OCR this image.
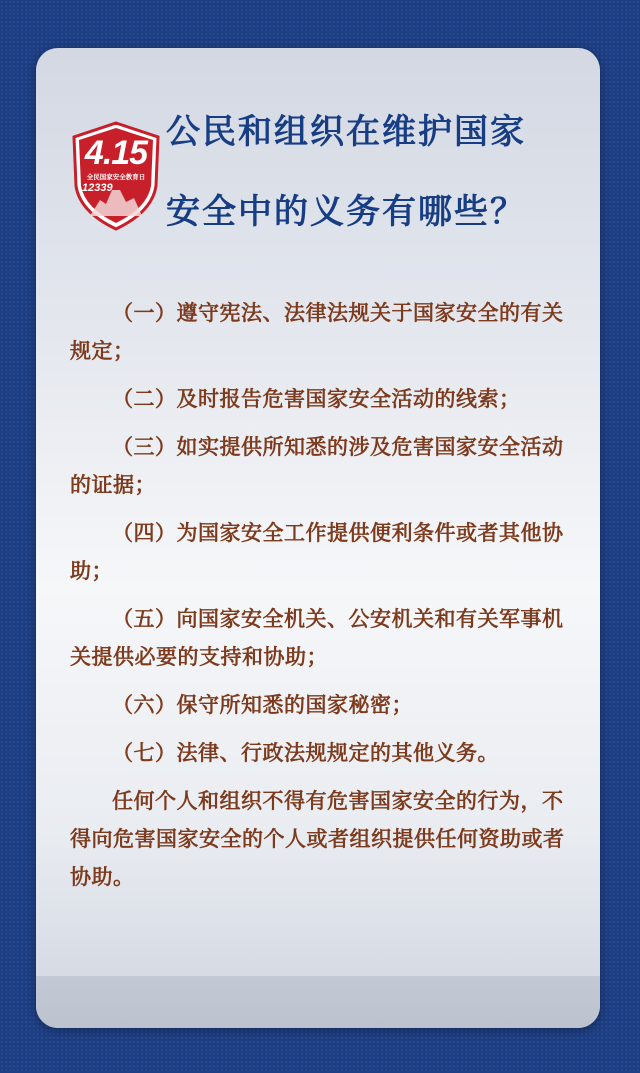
4.15
全民国家安全教育日
12339
公民和组织在维护国家
安全中的义务有哪些？
（一）遵守宪法、法律法规关于国家安全的有关规定；
（二）及时报告危害国家安全活动的线索；
（三）如实提供所知悉的涉及危害国家安全活动的证据；
（四）为国家安全工作提供便利条件或者其他协助；
（五）向国家安全机关、公安机关和有关军事机关提供必要的支持和协助；
（六）保守所知悉的国家秘密；
（七）法律、行政法规规定的其他义务。
任何个人和组织不得有危害国家安全的行为，不得向危害国家安全的个人或者组织提供任何资助或者协助。
